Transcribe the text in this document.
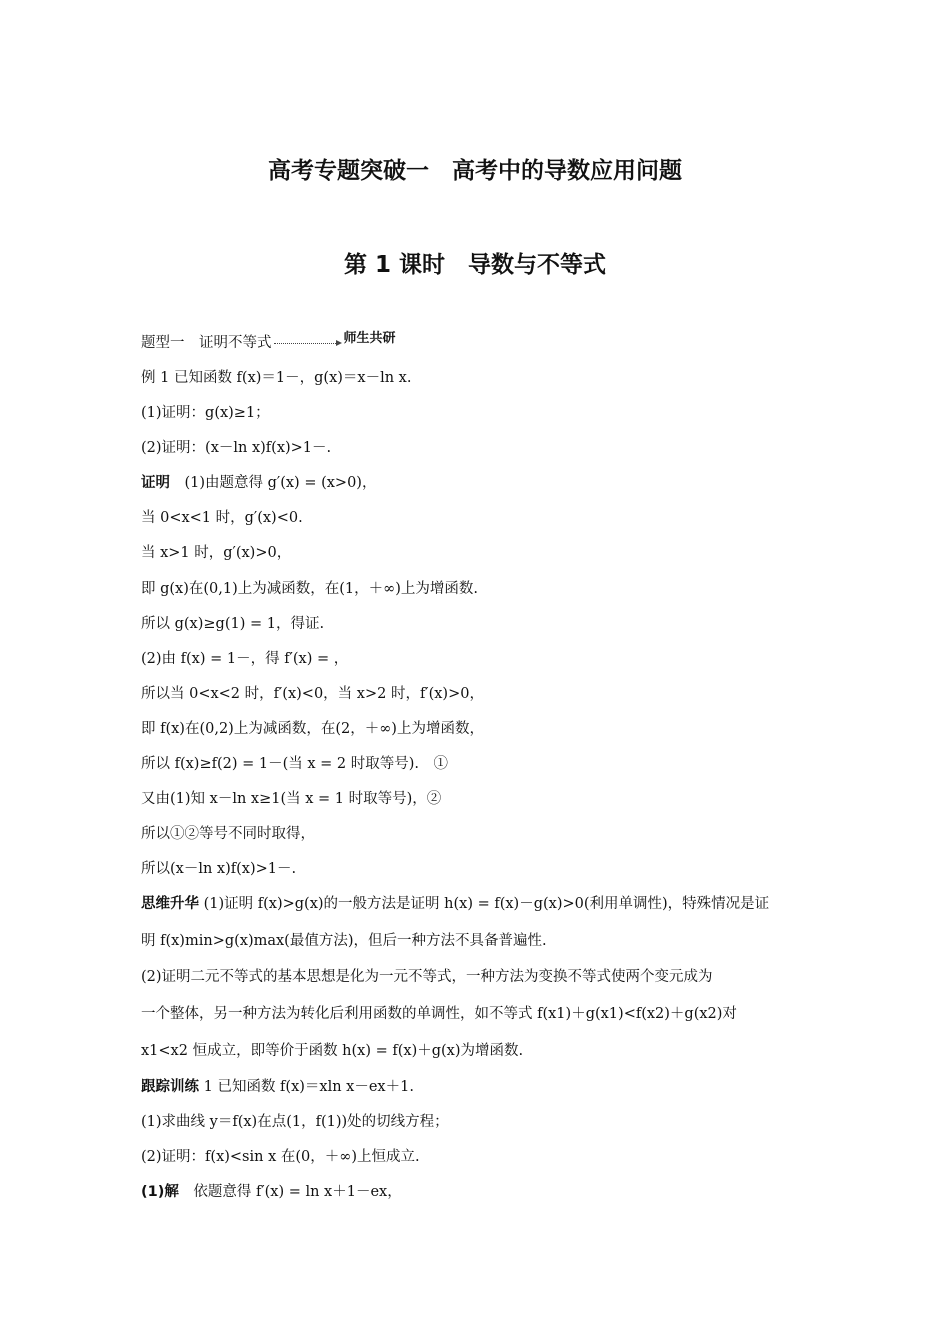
高考专题突破一　高考中的导数应用问题
第 1 课时　导数与不等式
题型一　证明不等式	师生共研
例 1 已知函数 f(x)＝1－，g(x)＝x－ln x.
(1)证明：g(x)≥1；
(2)证明：(x－ln x)f(x)>1－.
证明　(1)由题意得 g′(x) = (x>0)，
当 0<x<1 时，g′(x)<0.
当 x>1 时，g′(x)>0，
即 g(x)在(0,1)上为减函数，在(1，＋∞)上为增函数.
所以 g(x)≥g(1) = 1，得证.
(2)由 f(x) = 1－，得 f′(x) = ，
所以当 0<x<2 时，f′(x)<0，当 x>2 时，f′(x)>0，
即 f(x)在(0,2)上为减函数，在(2，＋∞)上为增函数，
所以 f(x)≥f(2) = 1－(当 x = 2 时取等号).　①
又由(1)知 x－ln x≥1(当 x = 1 时取等号)，②
所以①②等号不同时取得，
所以(x－ln x)f(x)>1－.
思维升华 (1)证明 f(x)>g(x)的一般方法是证明 h(x) = f(x)－g(x)>0(利用单调性)，特殊情况是证
明 f(x)min>g(x)max(最值方法)，但后一种方法不具备普遍性.
(2)证明二元不等式的基本思想是化为一元不等式，一种方法为变换不等式使两个变元成为
一个整体，另一种方法为转化后利用函数的单调性，如不等式 f(x1)＋g(x1)<f(x2)＋g(x2)对
x1<x2 恒成立，即等价于函数 h(x) = f(x)＋g(x)为增函数.
跟踪训练 1 已知函数 f(x)＝xln x－ex＋1.
(1)求曲线 y＝f(x)在点(1，f(1))处的切线方程；
(2)证明：f(x)<sin x 在(0，＋∞)上恒成立.
(1)解　依题意得 f′(x) = ln x＋1－ex，
